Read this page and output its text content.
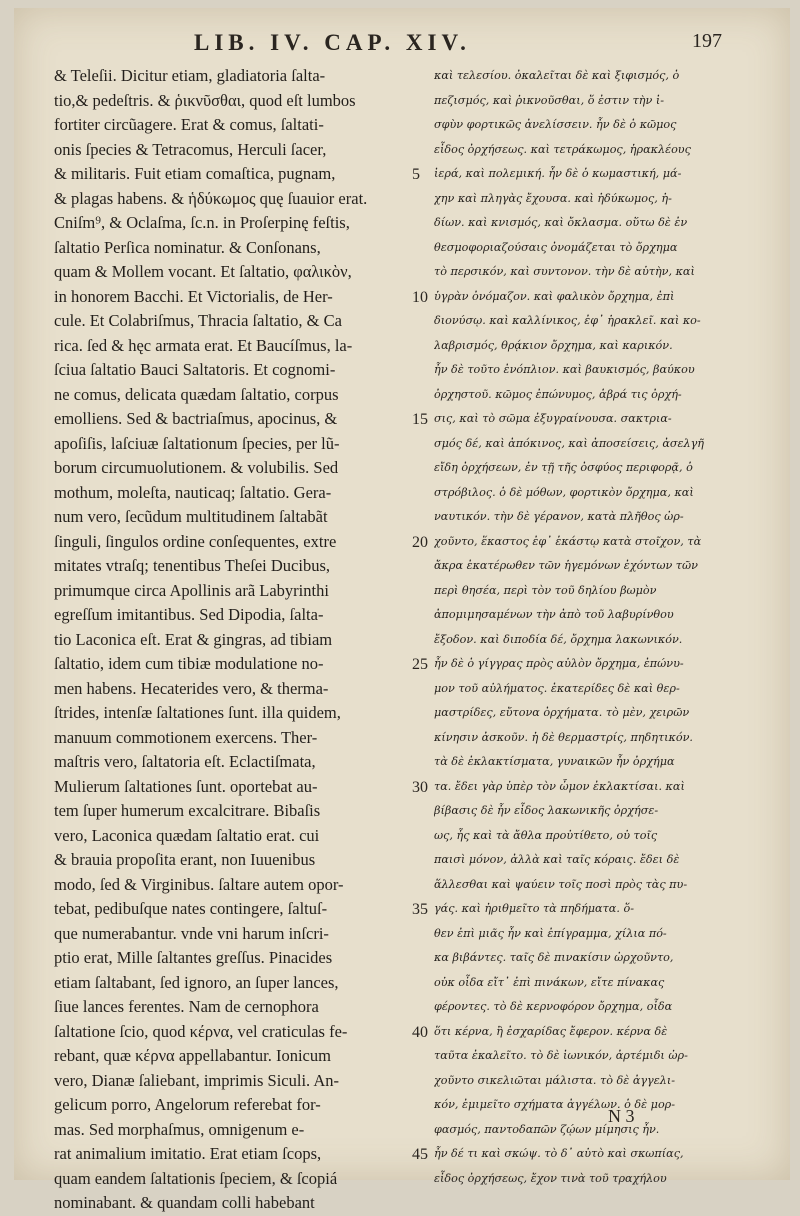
LIB. IV. CAP. XIV.	197
& Teleſii. Dicitur etiam, gladiatoria ſalta-
tio,& pedeſtris. & ῥικνῦσθαι, quod eſt lumbos
fortiter circũagere. Erat & comus, ſaltati-
onis ſpecies & Tetracomus, Herculi ſacer,
& militaris. Fuit etiam comaſtica, pugnam,
& plagas habens. & ἡδύκωμος quę ſuauior erat.
Cniſm⁹, & Oclaſma, ſc.n. in Proſerpinę feſtis,
ſaltatio Perſica nominatur. & Conſonans,
quam & Mollem vocant. Et ſaltatio, φαλικὸν,
in honorem Bacchi. Et Victorialis, de Her-
cule. Et Colabriſmus, Thracia ſaltatio, & Ca
rica. ſed & hęc armata erat. Et Baucíſmus, la-
ſciua ſaltatio Bauci Saltatoris. Et cognomi-
ne comus, delicata quædam ſaltatio, corpus
emolliens. Sed & bactriaſmus, apocinus, &
apoſiſis, laſciuæ ſaltationum ſpecies, per lũ-
borum circumuolutionem. & volubilis. Sed
mothum, moleſta, nauticaq; ſaltatio. Gera-
num vero, ſecũdum multitudinem ſaltabãt
ſinguli, ſingulos ordine conſequentes, extre
mitates vtraſq; tenentibus Theſei Ducibus,
primumque circa Apollinis arã Labyrinthi
egreſſum imitantibus. Sed Dipodia, ſalta-
tio Laconica eſt. Erat & gingras, ad tibiam
ſaltatio, idem cum tibiæ modulatione no-
men habens. Hecaterides vero, & therma-
ſtrides, intenſæ ſaltationes ſunt. illa quidem,
manuum commotionem exercens. Ther-
maſtris vero, ſaltatoria eſt. Eclactiſmata,
Mulierum ſaltationes ſunt. oportebat au-
tem ſuper humerum excalcitrare. Bibaſis
vero, Laconica quædam ſaltatio erat. cui
& brauia propoſita erant, non Iuuenibus
modo, ſed & Virginibus. ſaltare autem opor-
tebat, pedibuſque nates contingere, ſaltuſ-
que numerabantur. vnde vni harum inſcri-
ptio erat, Mille ſaltantes greſſus. Pinacides
etiam ſaltabant, ſed ignoro, an ſuper lances,
ſiue lances ferentes. Nam de cernophora
ſaltatione ſcio, quod κέρνα, vel craticulas fe-
rebant, quæ κέρνα appellabantur. Ionicum
vero, Dianæ ſaliebant, imprimis Siculi. An-
gelicum porro, Angelorum referebat for-
mas. Sed morphaſmus, omnigenum e-
rat animalium imitatio. Erat etiam ſcops,
quam eandem ſaltationis ſpeciem, & ſcopiá
nominabant. & quandam colli habebant
καὶ τελεσίου. ὀκαλεῖται δὲ καὶ ξιφισμός, ὁ
πεζισμός, καὶ ῥικνοῦσθαι, ὅ ἐστιν τὴν ἰ-
σφὺν φορτικῶς ἀνελίσσειν. ἦν δὲ ὁ κῶμος
εἶδος ὀρχήσεως. καὶ τετράκωμος, ἡρακλέους
ἱερά, καὶ πολεμική. ἦν δὲ ὁ κωμαστική, μά-
χην καὶ πληγὰς ἔχουσα. καὶ ἡδύκωμος, ἡ-
δίων. καὶ κνισμός, καὶ ὄκλασμα. οὕτω δὲ ἐν
θεσμοφοριαζούσαις ὀνομάζεται τὸ ὄρχημα
τὸ περσικόν, καὶ συντονον. τὴν δὲ αὐτὴν, καὶ
ὑγρὰν ὀνόμαζον. καὶ φαλικὸν ὄρχημα, ἐπὶ
διονύσῳ. καὶ καλλίνικος, ἐφ᾽ ἡρακλεῖ. καὶ κο-
λαβρισμός, θρᾴκιον ὄρχημα, καὶ καρικόν.
ἦν δὲ τοῦτο ἐνόπλιον. καὶ βαυκισμός, βαύκου
ὀρχηστοῦ. κῶμος ἐπώνυμος, ἁβρά τις ὀρχή-
σις, καὶ τὸ σῶμα ἐξυγραίνουσα. σακτρια-
σμός δέ, καὶ ἀπόκινος, καὶ ἀποσείσεις, ἀσελγῆ
εἴδη ὀρχήσεων, ἐν τῇ τῆς ὀσφύος περιφορᾷ, ὁ
στρόβιλος. ὁ δὲ μόθων, φορτικὸν ὄρχημα, καὶ
ναυτικόν. τὴν δὲ γέρανον, κατὰ πλῆθος ὠρ-
χοῦντο, ἕκαστος ἐφ᾽ ἑκάστῳ κατὰ στοῖχον, τὰ
ἄκρα ἑκατέρωθεν τῶν ἡγεμόνων ἐχόντων τῶν
περὶ θησέα, περὶ τὸν τοῦ δηλίου βωμὸν
ἀπομιμησαμένων τὴν ἀπὸ τοῦ λαβυρίνθου
ἔξοδον. καὶ διποδία δέ, ὄρχημα λακωνικόν.
ἦν δὲ ὁ γίγγρας πρὸς αὐλὸν ὄρχημα, ἐπώνυ-
μον τοῦ αὐλήματος. ἑκατερίδες δὲ καὶ θερ-
μαστρίδες, εὔτονα ὀρχήματα. τὸ μὲν, χειρῶν
κίνησιν ἀσκοῦν. ἡ δὲ θερμαστρίς, πηδητικόν.
τὰ δὲ ἐκλακτίσματα, γυναικῶν ἦν ὀρχήμα
τα. ἔδει γὰρ ὑπὲρ τὸν ὦμον ἐκλακτίσαι. καὶ
βίβασις δὲ ἦν εἶδος λακωνικῆς ὀρχήσε-
ως, ἧς καὶ τὰ ἄθλα προὐτίθετο, οὐ τοῖς
παισὶ μόνον, ἀλλὰ καὶ ταῖς κόραις. ἔδει δὲ
ἅλλεσθαι καὶ ψαύειν τοῖς ποσὶ πρὸς τὰς πυ-
γάς. καὶ ἠριθμεῖτο τὰ πηδήματα. ὅ-
θεν ἐπὶ μιᾶς ἦν καὶ ἐπίγραμμα, χίλια πό-
κα βιβάντες. ταῖς δὲ πινακίσιν ὠρχοῦντο,
οὐκ οἶδα εἴτ᾽ ἐπὶ πινάκων, εἴτε πίνακας
φέροντες. τὸ δὲ κερνοφόρον ὄρχημα, οἶδα
ὅτι κέρνα, ἢ ἐσχαρίδας ἔφερον. κέρνα δὲ
ταῦτα ἐκαλεῖτο. τὸ δὲ ἰωνικόν, ἀρτέμιδι ὠρ-
χοῦντο σικελιῶται μάλιστα. τὸ δὲ ἀγγελι-
κόν, ἐμιμεῖτο σχήματα ἀγγέλων. ὁ δὲ μορ-
φασμός, παντοδαπῶν ζῴων μίμησις ἦν.
ἦν δέ τι καὶ σκώψ. τὸ δ᾽ αὐτὸ καὶ σκωπίας,
εἶδος ὀρχήσεως, ἔχον τινὰ τοῦ τραχήλου
5
10
15
20
25
30
35
40
45
N 3
